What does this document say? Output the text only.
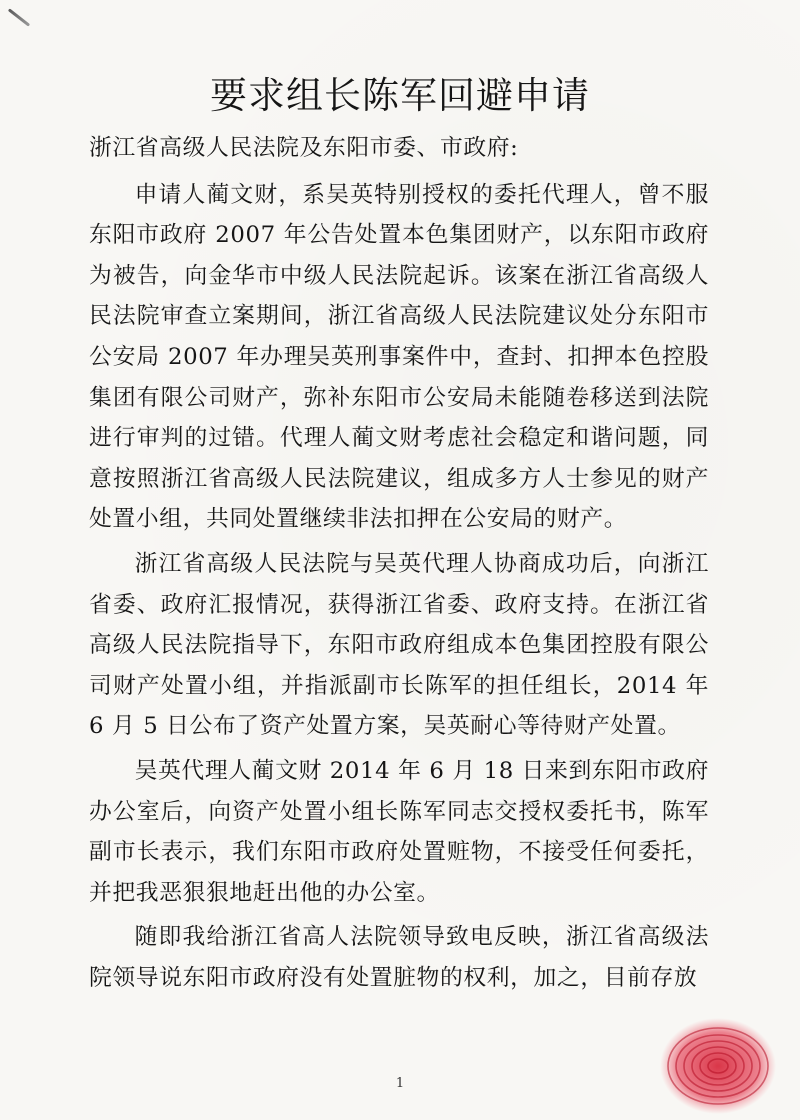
要求组长陈军回避申请

浙江省高级人民法院及东阳市委、市政府:

申请人蔺文财，系吴英特别授权的委托代理人，曾不服东阳市政府 2007 年公告处置本色集团财产，以东阳市政府为被告，向金华市中级人民法院起诉。该案在浙江省高级人民法院审查立案期间，浙江省高级人民法院建议处分东阳市公安局 2007 年办理吴英刑事案件中，查封、扣押本色控股集团有限公司财产，弥补东阳市公安局未能随卷移送到法院进行审判的过错。代理人蔺文财考虑社会稳定和谐问题，同意按照浙江省高级人民法院建议，组成多方人士参见的财产处置小组，共同处置继续非法扣押在公安局的财产。

浙江省高级人民法院与吴英代理人协商成功后，向浙江省委、政府汇报情况，获得浙江省委、政府支持。在浙江省高级人民法院指导下，东阳市政府组成本色集团控股有限公司财产处置小组，并指派副市长陈军的担任组长，2014 年 6 月 5 日公布了资产处置方案，吴英耐心等待财产处置。

吴英代理人蔺文财 2014 年 6 月 18 日来到东阳市政府办公室后，向资产处置小组长陈军同志交授权委托书，陈军副市长表示，我们东阳市政府处置赃物，不接受任何委托，并把我恶狠狠地赶出他的办公室。

随即我给浙江省高人法院领导致电反映，浙江省高级法院领导说东阳市政府没有处置脏物的权利，加之，目前存放

1
